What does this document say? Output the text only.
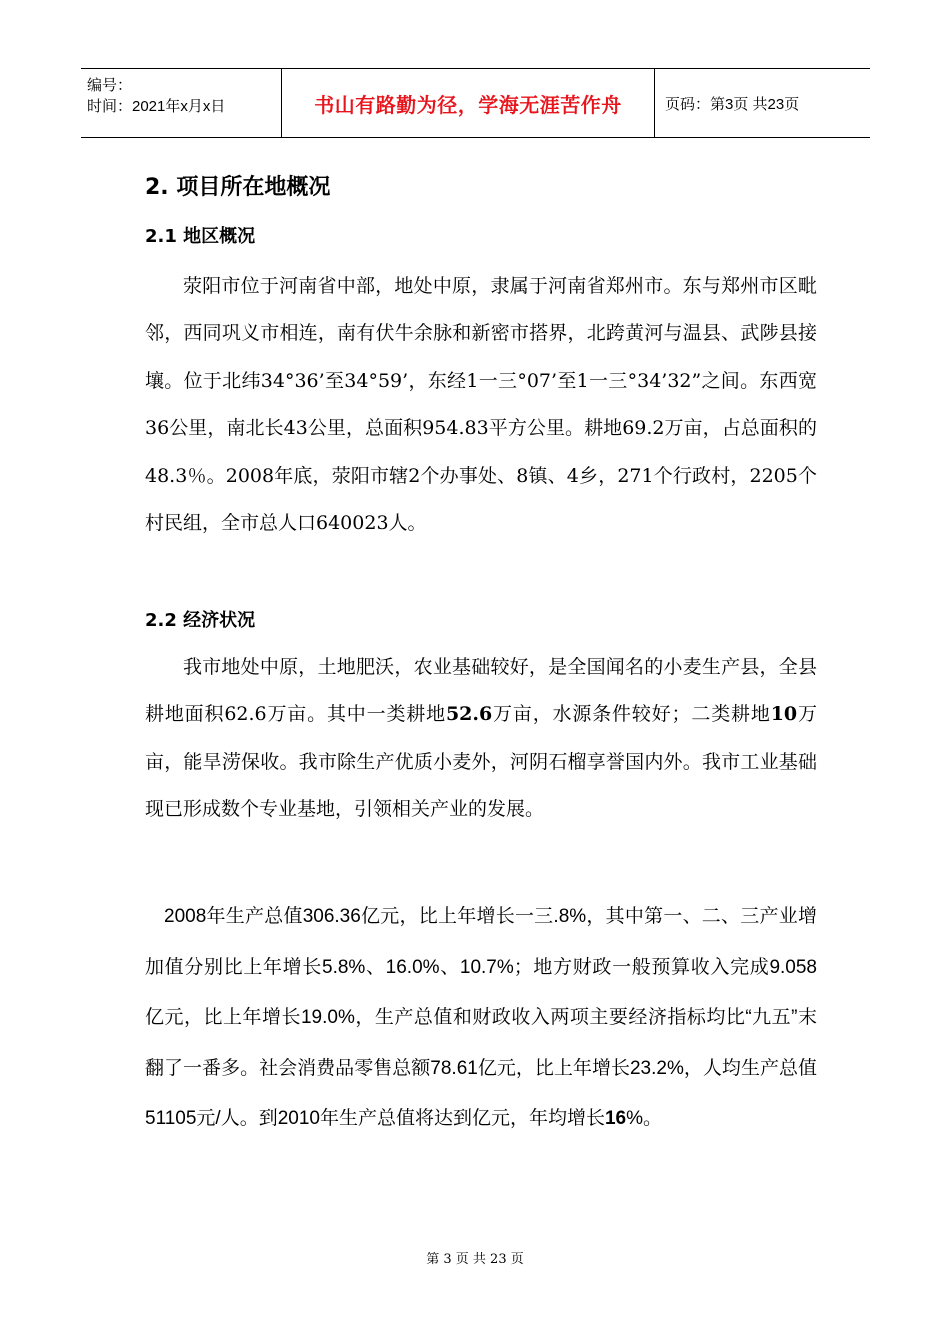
编号：
时间：2021年x月x日	书山有路勤为径，学海无涯苦作舟	页码：第3页 共23页
2. 项目所在地概况
2.1 地区概况

荥阳市位于河南省中部，地处中原，隶属于河南省郑州市。东与郑州市区毗邻，西同巩义市相连，南有伏牛余脉和新密市搭界，北跨黄河与温县、武陟县接壤。位于北纬34°36’至34°59’，东经1一三°07’至1一三°34’32”之间。东西宽36公里，南北长43公里，总面积954.83平方公里。耕地69.2万亩，占总面积的48.3％。2008年底，荥阳市辖2个办事处、8镇、4乡，271个行政村，2205个村民组，全市总人口640023人。

2.2 经济状况

我市地处中原，土地肥沃，农业基础较好，是全国闻名的小麦生产县，全县耕地面积62.6万亩。其中一类耕地52.6万亩，水源条件较好；二类耕地10万亩，能旱涝保收。我市除生产优质小麦外，河阴石榴享誉国内外。我市工业基础现已形成数个专业基地，引领相关产业的发展。

2008年生产总值306.36亿元，比上年增长一三.8%，其中第一、二、三产业增加值分别比上年增长5.8%、16.0%、10.7%；地方财政一般预算收入完成9.058亿元，比上年增长19.0%，生产总值和财政收入两项主要经济指标均比“九五”末翻了一番多。社会消费品零售总额78.61亿元，比上年增长23.2%，人均生产总值51105元/人。到2010年生产总值将达到亿元，年均增长16%。

第 3 页 共 23 页
